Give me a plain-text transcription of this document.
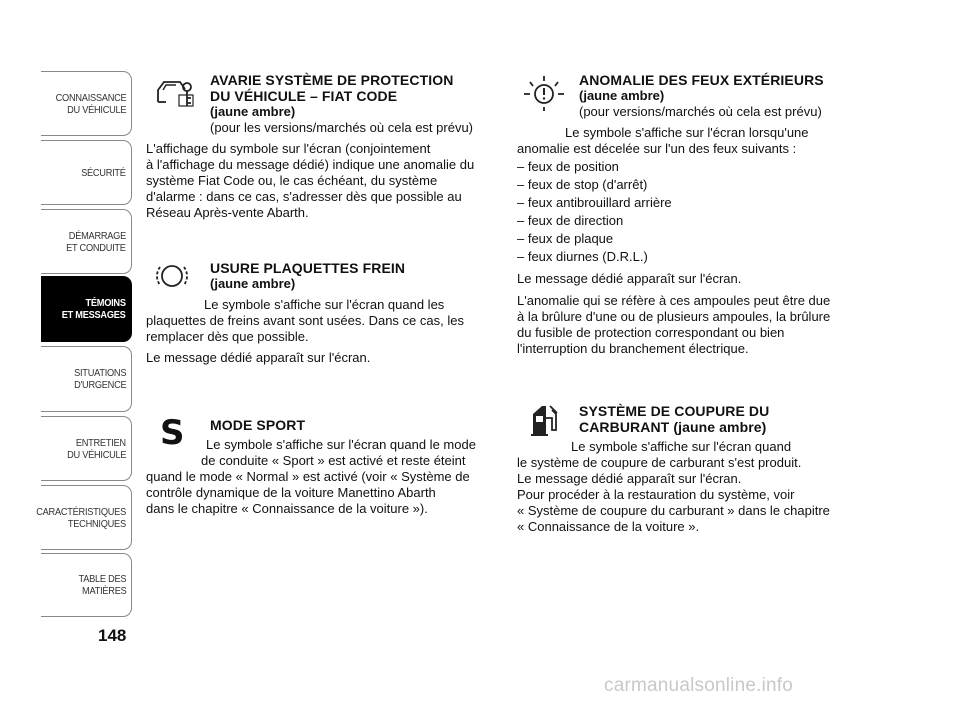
CONNAISSANCE
DU VÉHICULE
SÉCURITÉ
DÉMARRAGE
ET CONDUITE
TÉMOINS
ET MESSAGES
SITUATIONS
D'URGENCE
ENTRETIEN
DU VÉHICULE
CARACTÉRISTIQUES
TECHNIQUES
TABLE DES
MATIÈRES
148
AVARIE SYSTÈME DE PROTECTION
DU VÉHICULE – FIAT CODE
(jaune ambre)
(pour les versions/marchés où cela est prévu)
L'affichage du symbole sur l'écran (conjointement
à l'affichage du message dédié) indique une anomalie du
système Fiat Code ou, le cas échéant, du système
d'alarme : dans ce cas, s'adresser dès que possible au
Réseau Après-vente Abarth.
USURE PLAQUETTES FREIN
(jaune ambre)
Le symbole s'affiche sur l'écran quand les
plaquettes de freins avant sont usées. Dans ce cas, les
remplacer dès que possible.
Le message dédié apparaît sur l'écran.
S MODE SPORT
Le symbole s'affiche sur l'écran quand le mode
de conduite « Sport » est activé et reste éteint
quand le mode « Normal » est activé (voir « Système de
contrôle dynamique de la voiture Manettino Abarth
dans le chapitre « Connaissance de la voiture »).
ANOMALIE DES FEUX EXTÉRIEURS
(jaune ambre)
(pour versions/marchés où cela est prévu)
Le symbole s'affiche sur l'écran lorsqu'une
anomalie est décelée sur l'un des feux suivants :
– feux de position
– feux de stop (d'arrêt)
– feux antibrouillard arrière
– feux de direction
– feux de plaque
– feux diurnes (D.R.L.)
Le message dédié apparaît sur l'écran.
L'anomalie qui se réfère à ces ampoules peut être due
à la brûlure d'une ou de plusieurs ampoules, la brûlure
du fusible de protection correspondant ou bien
l'interruption du branchement électrique.
SYSTÈME DE COUPURE DU
CARBURANT (jaune ambre)
Le symbole s'affiche sur l'écran quand
le système de coupure de carburant s'est produit.
Le message dédié apparaît sur l'écran.
Pour procéder à la restauration du système, voir
« Système de coupure du carburant » dans le chapitre
« Connaissance de la voiture ».
carmanualsonline.info
